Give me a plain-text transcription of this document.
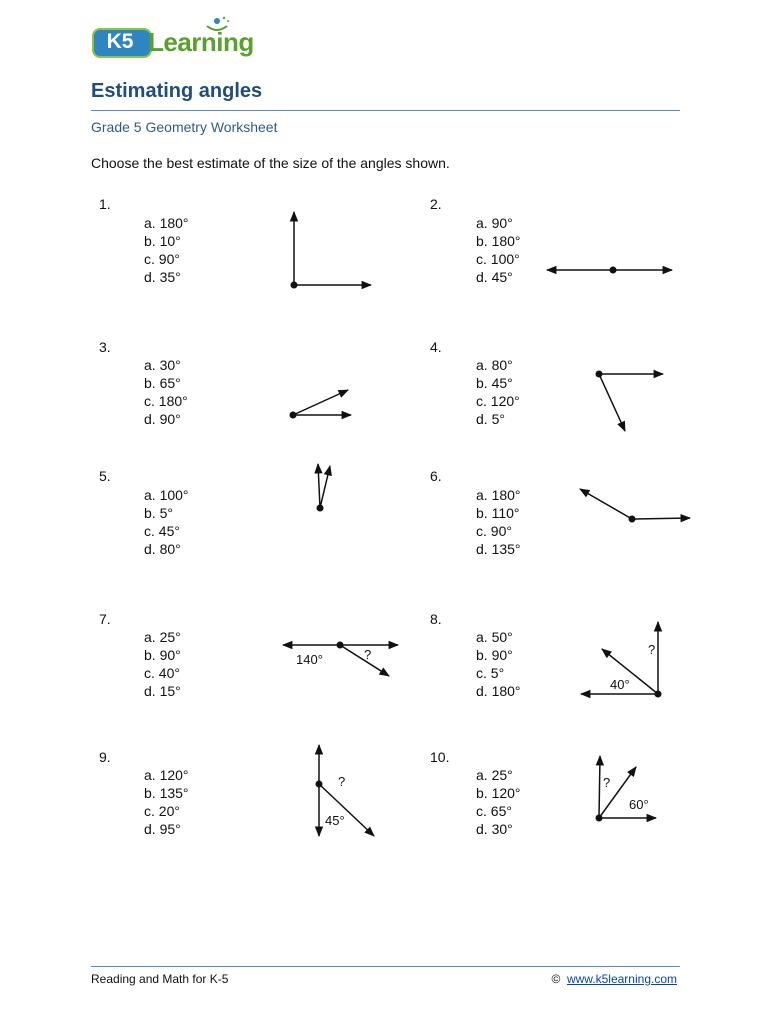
K5 Learning
Estimating angles
Grade 5 Geometry Worksheet
Choose the best estimate of the size of the angles shown.
1.
a. 180°
b. 10°
c. 90°
d. 35°
2.
a. 90°
b. 180°
c. 100°
d. 45°
3.
a. 30°
b. 65°
c. 180°
d. 90°
4.
a. 80°
b. 45°
c. 120°
d. 5°
5.
a. 100°
b. 5°
c. 45°
d. 80°
6.
a. 180°
b. 110°
c. 90°
d. 135°
7.
a. 25°
b. 90°
c. 40°
d. 15°
8.
a. 50°
b. 90°
c. 5°
d. 180°
9.
a. 120°
b. 135°
c. 20°
d. 95°
10.
a. 25°
b. 120°
c. 65°
d. 30°
140°	?	?
40°
?
45°
?
60°
Reading and Math for K-5	© www.k5learning.com
